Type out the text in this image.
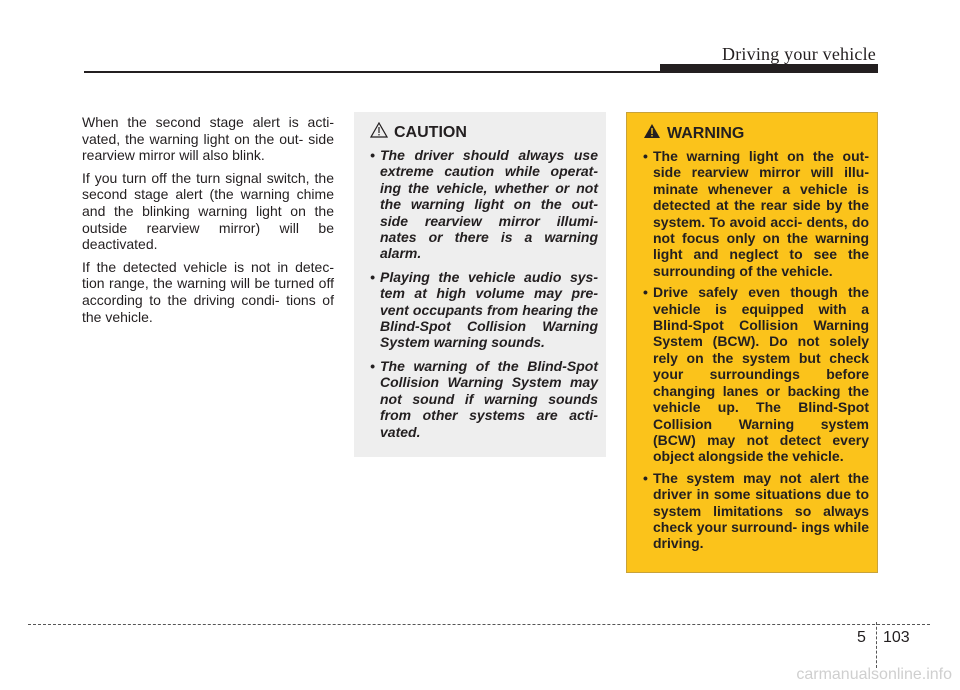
Driving your vehicle

When the second stage alert is acti- vated, the warning light on the out- side rearview mirror will also blink.

If you turn off the turn signal switch, the second stage alert (the warning chime and the blinking warning light on the outside rearview mirror) will be deactivated.

If the detected vehicle is not in detec- tion range, the warning will be turned off according to the driving condi- tions of the vehicle.

CAUTION
• The driver should always use extreme caution while operat- ing the vehicle, whether or not the warning light on the out- side rearview mirror illumi- nates or there is a warning alarm.
• Playing the vehicle audio sys- tem at high volume may pre- vent occupants from hearing the Blind-Spot Collision Warning System warning sounds.
• The warning of the Blind-Spot Collision Warning System may not sound if warning sounds from other systems are acti- vated.
WARNING
• The warning light on the out- side rearview mirror will illu- minate whenever a vehicle is detected at the rear side by the system. To avoid acci- dents, do not focus only on the warning light and neglect to see the surrounding of the vehicle.
• Drive safely even though the vehicle is equipped with a Blind-Spot Collision Warning System (BCW). Do not solely rely on the system but check your surroundings before changing lanes or backing the vehicle up. The Blind-Spot Collision Warning system (BCW) may not detect every object alongside the vehicle.
• The system may not alert the driver in some situations due to system limitations so always check your surround- ings while driving.
5 103
carmanualsonline.info
